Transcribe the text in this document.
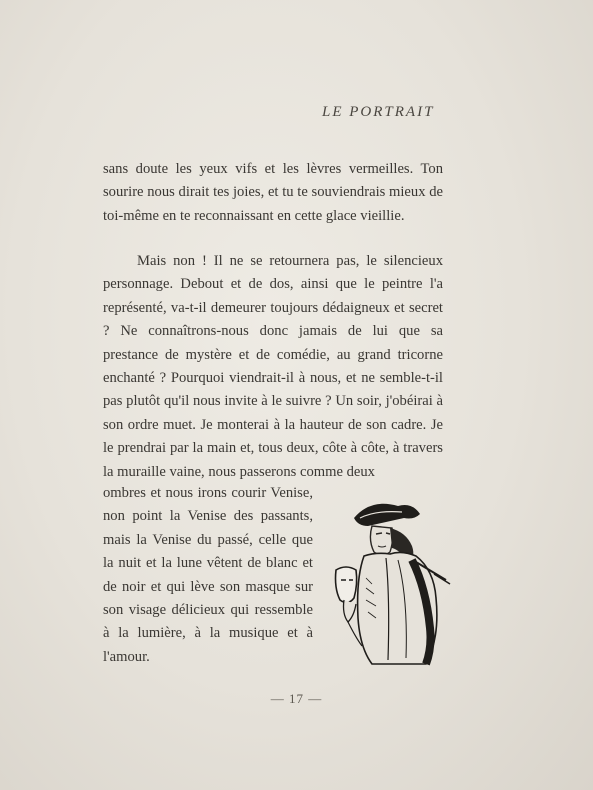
LE PORTRAIT
sans doute les yeux vifs et les lèvres vermeilles. Ton sourire nous dirait tes joies, et tu te souviendrais mieux de toi-même en te reconnaissant en cette glace vieillie.
Mais non ! Il ne se retournera pas, le silencieux personnage. Debout et de dos, ainsi que le peintre l'a représenté, va-t-il demeurer toujours dédaigneux et secret ? Ne connaîtrons-nous donc jamais de lui que sa prestance de mystère et de comédie, au grand tricorne enchanté ? Pourquoi viendrait-il à nous, et ne semble-t-il pas plutôt qu'il nous invite à le suivre ? Un soir, j'obéirai à son ordre muet. Je monterai à la hauteur de son cadre. Je le prendrai par la main et, tous deux, côte à côte, à travers la muraille vaine, nous passerons comme deux
ombres et nous irons courir Venise, non point la Venise des passants, mais la Venise du passé, celle que la nuit et la lune vêtent de blanc et de noir et qui lève son masque sur son visage délicieux qui ressemble à la lumière, à la musique et à l'amour.
— 17 —
